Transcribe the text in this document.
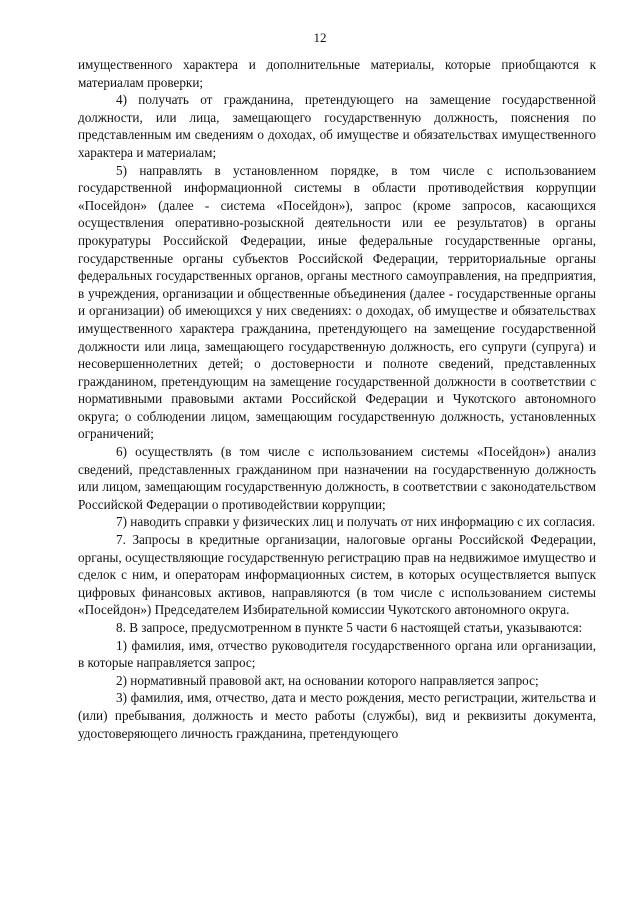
12

имущественного характера и дополнительные материалы, которые приобщаются к материалам проверки;

4) получать от гражданина, претендующего на замещение государственной должности, или лица, замещающего государственную должность, пояснения по представленным им сведениям о доходах, об имуществе и обязательствах имущественного характера и материалам;

5) направлять в установленном порядке, в том числе с использованием государственной информационной системы в области противодействия коррупции «Посейдон» (далее - система «Посейдон»), запрос (кроме запросов, касающихся осуществления оперативно-розыскной деятельности или ее результатов) в органы прокуратуры Российской Федерации, иные федеральные государственные органы, государственные органы субъектов Российской Федерации, территориальные органы федеральных государственных органов, органы местного самоуправления, на предприятия, в учреждения, организации и общественные объединения (далее - государственные органы и организации) об имеющихся у них сведениях: о доходах, об имуществе и обязательствах имущественного характера гражданина, претендующего на замещение государственной должности или лица, замещающего государственную должность, его супруги (супруга) и несовершеннолетних детей; о достоверности и полноте сведений, представленных гражданином, претендующим на замещение государственной должности в соответствии с нормативными правовыми актами Российской Федерации и Чукотского автономного округа; о соблюдении лицом, замещающим государственную должность, установленных ограничений;

6) осуществлять (в том числе с использованием системы «Посейдон») анализ сведений, представленных гражданином при назначении на государственную должность или лицом, замещающим государственную должность, в соответствии с законодательством Российской Федерации о противодействии коррупции;

7) наводить справки у физических лиц и получать от них информацию с их согласия.

7. Запросы в кредитные организации, налоговые органы Российской Федерации, органы, осуществляющие государственную регистрацию прав на недвижимое имущество и сделок с ним, и операторам информационных систем, в которых осуществляется выпуск цифровых финансовых активов, направляются (в том числе с использованием системы «Посейдон») Председателем Избирательной комиссии Чукотского автономного округа.

8. В запросе, предусмотренном в пункте 5 части 6 настоящей статьи, указываются:

1) фамилия, имя, отчество руководителя государственного органа или организации, в которые направляется запрос;

2) нормативный правовой акт, на основании которого направляется запрос;

3) фамилия, имя, отчество, дата и место рождения, место регистрации, жительства и (или) пребывания, должность и место работы (службы), вид и реквизиты документа, удостоверяющего личность гражданина, претендующего
